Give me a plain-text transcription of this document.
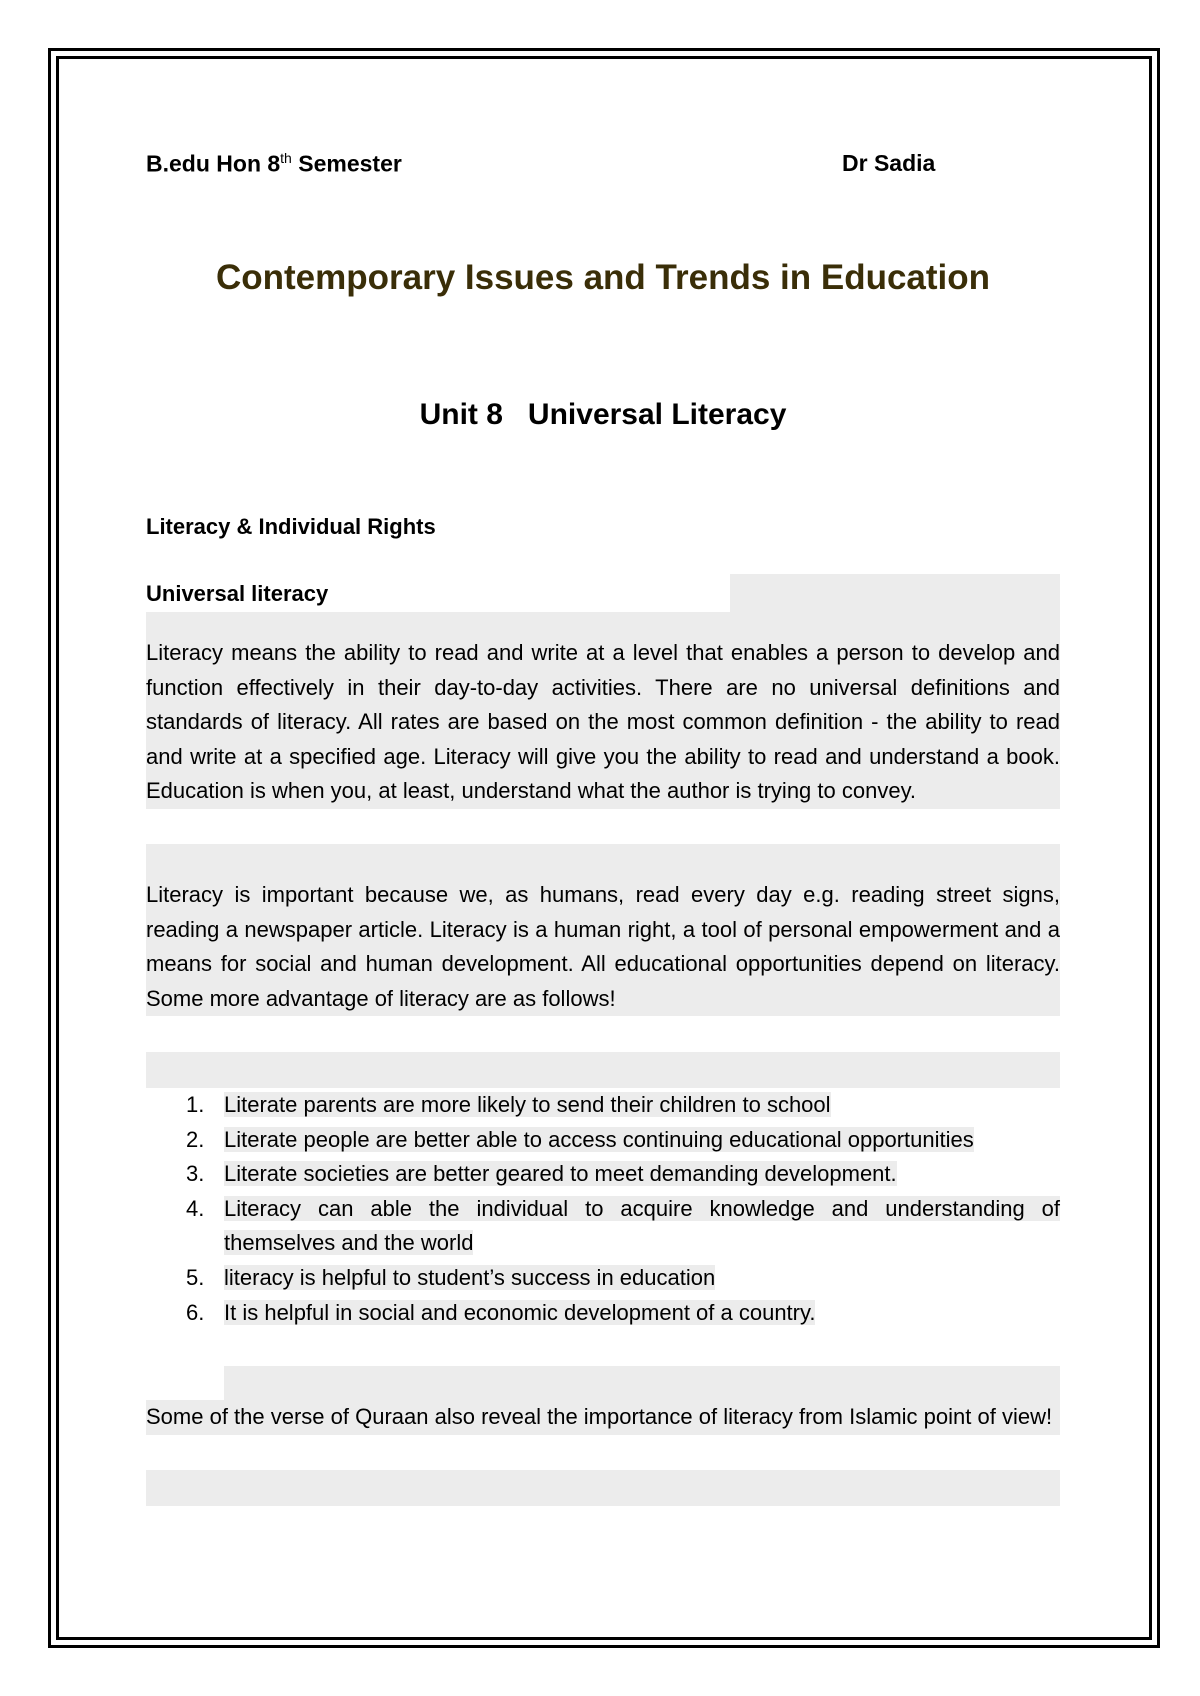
B.edu Hon 8th Semester	Dr Sadia
Contemporary Issues and Trends in Education
Unit 8   Universal Literacy
Literacy & Individual Rights
Universal literacy
Literacy means the ability to read and write at a level that enables a person to develop and function effectively in their day-to-day activities. There are no universal definitions and standards of literacy. All rates are based on the most common definition - the ability to read and write at a specified age. Literacy will give you the ability to read and understand a book. Education is when you, at least, understand what the author is trying to convey.
Literacy is important because we, as humans, read every day e.g. reading street signs, reading a newspaper article. Literacy is a human right, a tool of personal empowerment and a means for social and human development. All educational opportunities depend on literacy. Some more advantage of literacy are as follows!
1. Literate parents are more likely to send their children to school
2. Literate people are better able to access continuing educational opportunities
3. Literate societies are better geared to meet demanding development.
4. Literacy can able the individual to acquire knowledge and understanding of themselves and the world
5. literacy is helpful to student’s success in education
6. It is helpful in social and economic development of a country.
Some of the verse of Quraan also reveal the importance of literacy from Islamic point of view!
